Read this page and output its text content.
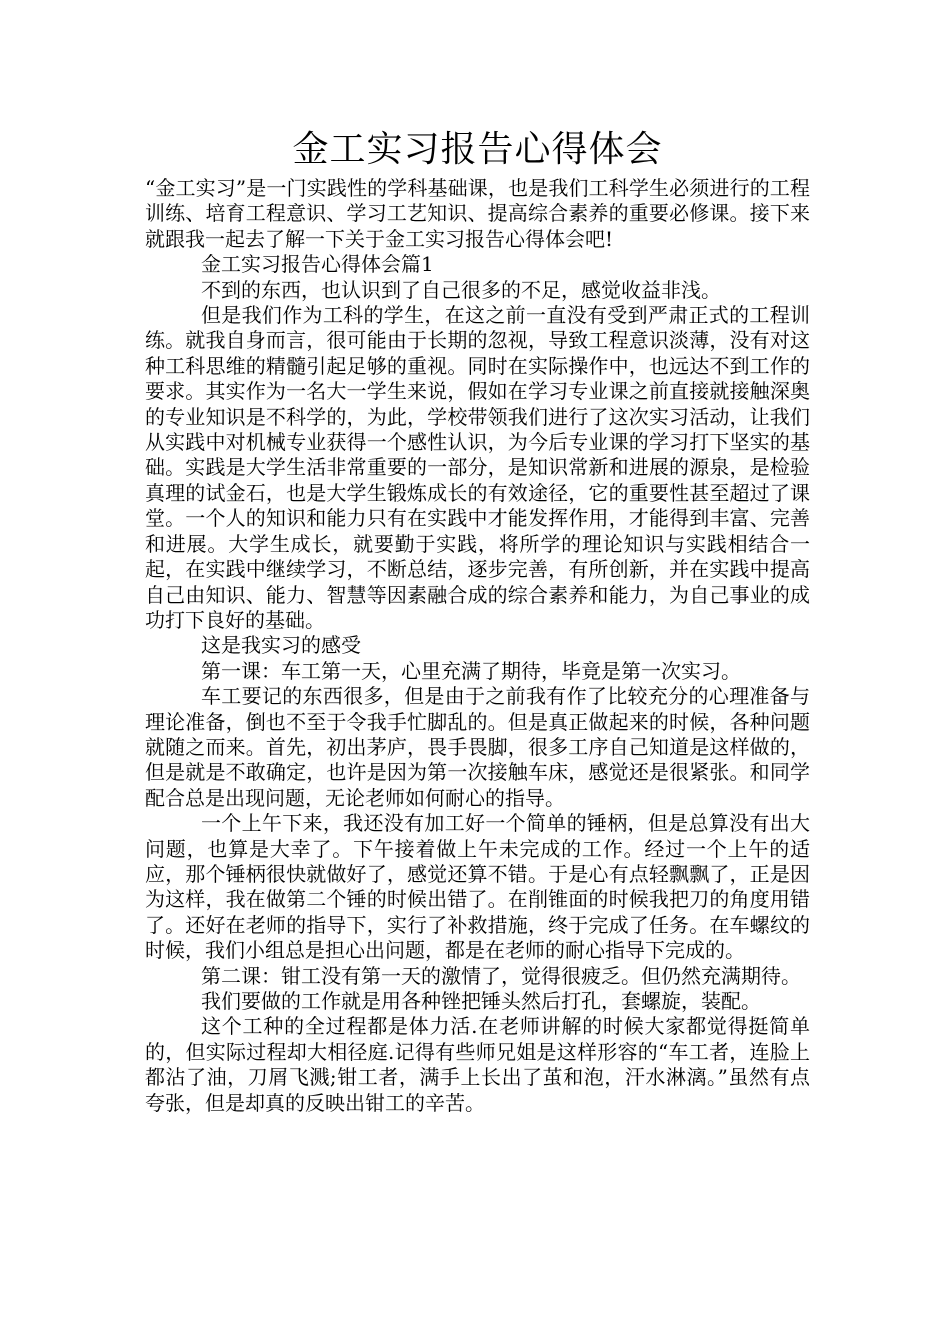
金工实习报告心得体会

“金工实习”是一门实践性的学科基础课，也是我们工科学生必须进行的工程训练、培育工程意识、学习工艺知识、提高综合素养的重要必修课。接下来就跟我一起去了解一下关于金工实习报告心得体会吧!

金工实习报告心得体会篇1

不到的东西，也认识到了自己很多的不足，感觉收益非浅。

但是我们作为工科的学生，在这之前一直没有受到严肃正式的工程训练。就我自身而言，很可能由于长期的忽视，导致工程意识淡薄，没有对这种工科思维的精髓引起足够的重视。同时在实际操作中，也远达不到工作的要求。其实作为一名大一学生来说，假如在学习专业课之前直接就接触深奥的专业知识是不科学的，为此，学校带领我们进行了这次实习活动，让我们从实践中对机械专业获得一个感性认识，为今后专业课的学习打下坚实的基础。实践是大学生活非常重要的一部分，是知识常新和进展的源泉，是检验真理的试金石，也是大学生锻炼成长的有效途径，它的重要性甚至超过了课堂。一个人的知识和能力只有在实践中才能发挥作用，才能得到丰富、完善和进展。大学生成长，就要勤于实践，将所学的理论知识与实践相结合一起，在实践中继续学习，不断总结，逐步完善，有所创新，并在实践中提高自己由知识、能力、智慧等因素融合成的综合素养和能力，为自己事业的成功打下良好的基础。

这是我实习的感受

第一课：车工第一天，心里充满了期待，毕竟是第一次实习。

车工要记的东西很多，但是由于之前我有作了比较充分的心理准备与理论准备，倒也不至于令我手忙脚乱的。但是真正做起来的时候，各种问题就随之而来。首先，初出茅庐，畏手畏脚，很多工序自己知道是这样做的，但是就是不敢确定，也许是因为第一次接触车床，感觉还是很紧张。和同学配合总是出现问题，无论老师如何耐心的指导。

一个上午下来，我还没有加工好一个简单的锤柄，但是总算没有出大问题，也算是大幸了。下午接着做上午未完成的工作。经过一个上午的适应，那个锤柄很快就做好了，感觉还算不错。于是心有点轻飘飘了，正是因为这样，我在做第二个锤的时候出错了。在削锥面的时候我把刀的角度用错了。还好在老师的指导下，实行了补救措施，终于完成了任务。在车螺纹的时候，我们小组总是担心出问题，都是在老师的耐心指导下完成的。

第二课：钳工没有第一天的激情了，觉得很疲乏。但仍然充满期待。

我们要做的工作就是用各种锉把锤头然后打孔，套螺旋，装配。

这个工种的全过程都是体力活.在老师讲解的时候大家都觉得挺简单的，但实际过程却大相径庭.记得有些师兄姐是这样形容的“车工者，连脸上都沾了油，刀屑飞溅;钳工者，满手上长出了茧和泡，汗水淋漓。”虽然有点夸张，但是却真的反映出钳工的辛苦。
